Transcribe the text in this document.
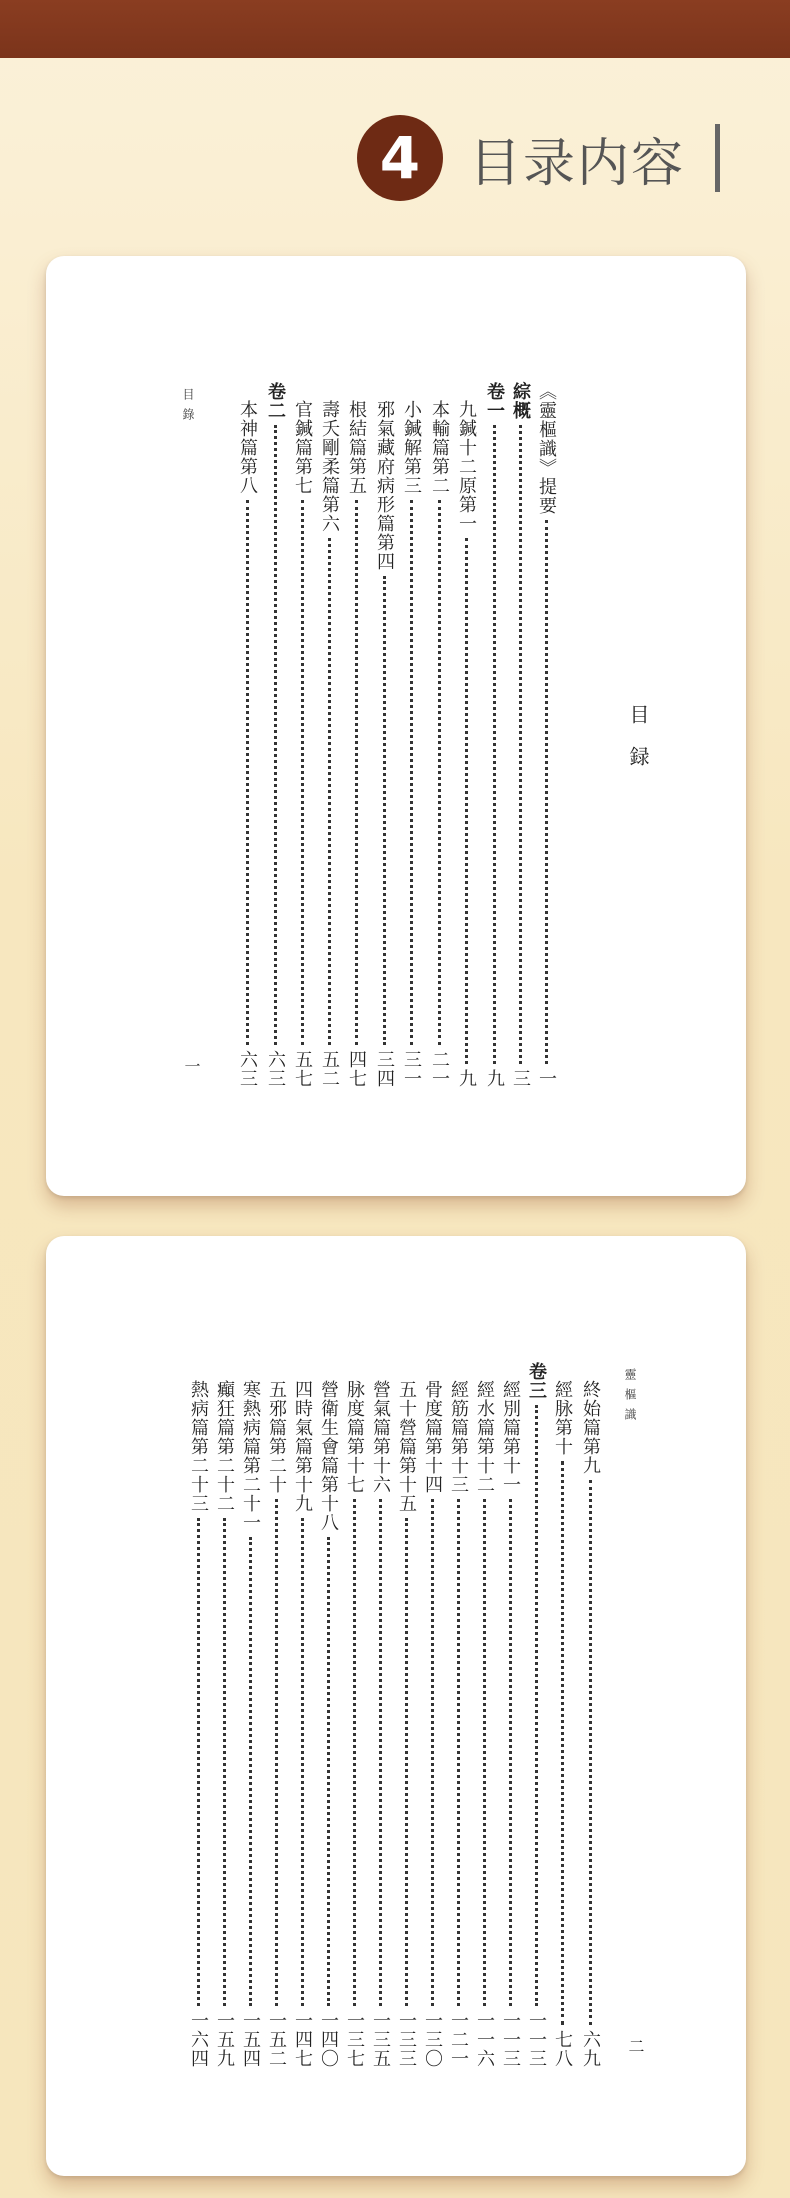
4 目录内容
目録
目錄
一
《靈樞識》提要
一
綜概
三
卷一
九
九鍼十二原第一
九
本輸篇第二
二一
小鍼解第三
三一
邪氣藏府病形篇第四
三四
根結篇第五
四七
壽夭剛柔篇第六
五二
官鍼篇第七
五七
卷二
六三
本神篇第八
六三
靈樞識
二
終始篇第九
六九
經脉第十
七八
卷三
一一三
經別篇第十一
一一三
經水篇第十二
一一六
經筋篇第十三
一二一
骨度篇第十四
一三〇
五十營篇第十五
一三三
營氣篇第十六
一三五
脉度篇第十七
一三七
營衛生會篇第十八
一四〇
四時氣篇第十九
一四七
五邪篇第二十
一五二
寒熱病篇第二十一
一五四
癲狂篇第二十二
一五九
熱病篇第二十三
一六四
